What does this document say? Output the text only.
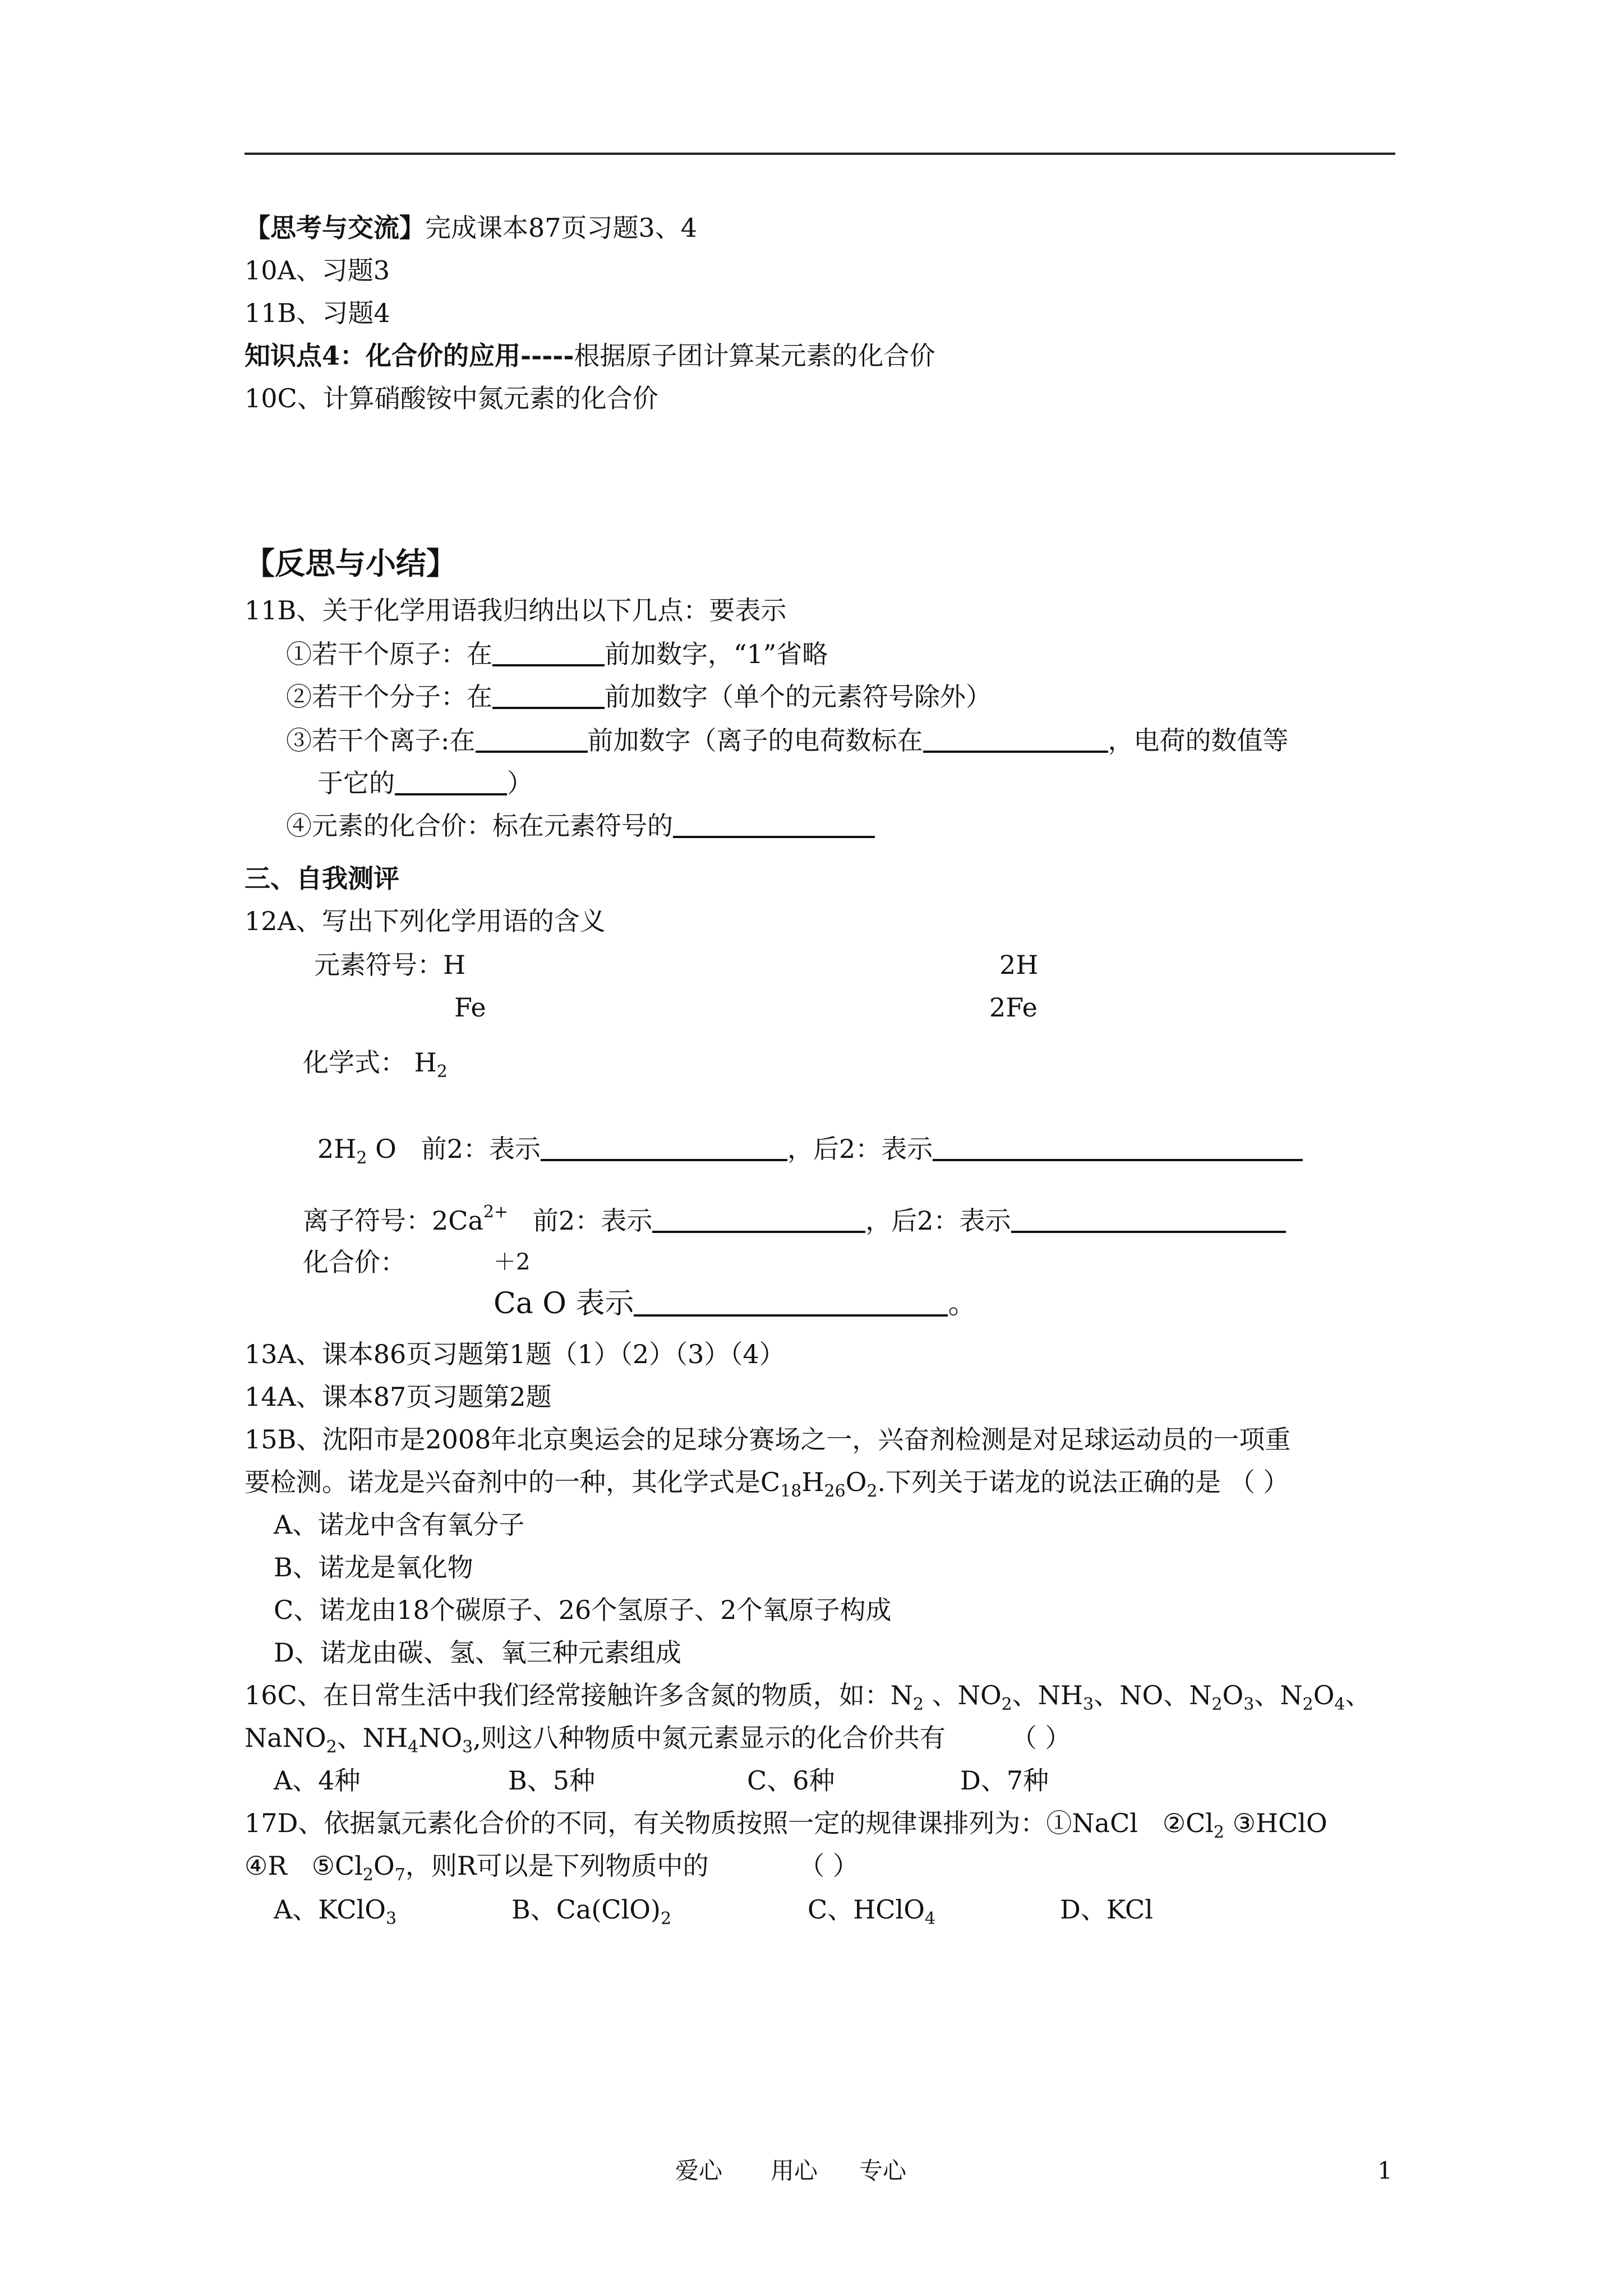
【思考与交流】完成课本87页习题3、4
10A、习题3
11B、习题4
知识点4：化合价的应用-----根据原子团计算某元素的化合价
10C、计算硝酸铵中氮元素的化合价
【反思与小结】
11B、关于化学用语我归纳出以下几点：要表示
①若干个原子：在	前加数字，“1”省略
②若干个分子：在	前加数字（单个的元素符号除外）
③若干个离子:在	前加数字（离子的电荷数标在	，电荷的数值等
于它的	）
④元素的化合价：标在元素符号的
三、自我测评
12A、写出下列化学用语的含义
元素符号：H	2H
Fe	2Fe
化学式： $H_2$
$2H_2$ O 前2：表示	，后2：表示
离子符号：$2Ca^{2+}$ 前2：表示	，后2：表示
化合价：	＋2
Ca O 表示	。
13A、课本86页习题第1题（1）（2）（3）（4）
14A、课本87页习题第2题
15B、沈阳市是2008年北京奥运会的足球分赛场之一，兴奋剂检测是对足球运动员的一项重
要检测。诺龙是兴奋剂中的一种，其化学式是$C_{18}H_{26}O_2$.下列关于诺龙的说法正确的是 （ ）
A、诺龙中含有氧分子
B、诺龙是氧化物
C、诺龙由18个碳原子、26个氢原子、2个氧原子构成
D、诺龙由碳、氢、氧三种元素组成
16C、在日常生活中我们经常接触许多含氮的物质，如：$N_2$ 、$NO_2$、$NH_3$、NO、$N_2O_3$、$N_2O_4$、
NaNO$_2$、$NH_4NO_3$,则这八种物质中氮元素显示的化合价共有	（ ）
A、4种	B、5种	C、6种	D、7种
17D、依据氯元素化合价的不同，有关物质按照一定的规律课排列为：①NaCl $②Cl_2$ ③HClO
④R $⑤Cl_2O_7$，则R可以是下列物质中的	（ ）
A、KClO$_3$	B、$Ca(ClO)_2$	C、HClO$_4$	D、KCl
爱心 用心 专心	1
